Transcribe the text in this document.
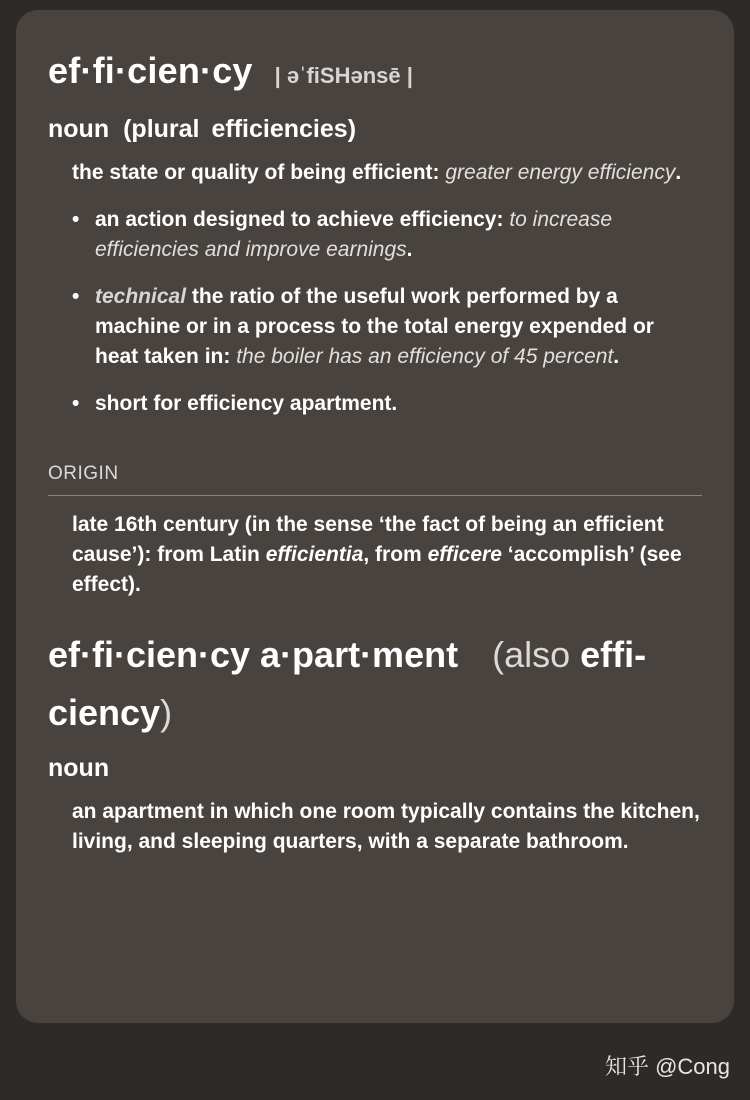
ef·fi·cien·cy | əˈfiSHənsē |
noun (plural efficiencies)
the state or quality of being efficient: greater energy efficiency.
• an action designed to achieve efficiency: to increase efficiencies and improve earnings.
• technical the ratio of the useful work performed by a machine or in a process to the total energy expended or heat taken in: the boiler has an efficiency of 45 percent.
• short for efficiency apartment.
ORIGIN
late 16th century (in the sense ‘the fact of being an efficient cause’): from Latin efficientia, from efficere ‘accomplish’ (see effect).
ef·fi·cien·cy a·part·ment (also effi-ciency)
noun
an apartment in which one room typically contains the kitchen, living, and sleeping quarters, with a separate bathroom.
知乎 @Cong
